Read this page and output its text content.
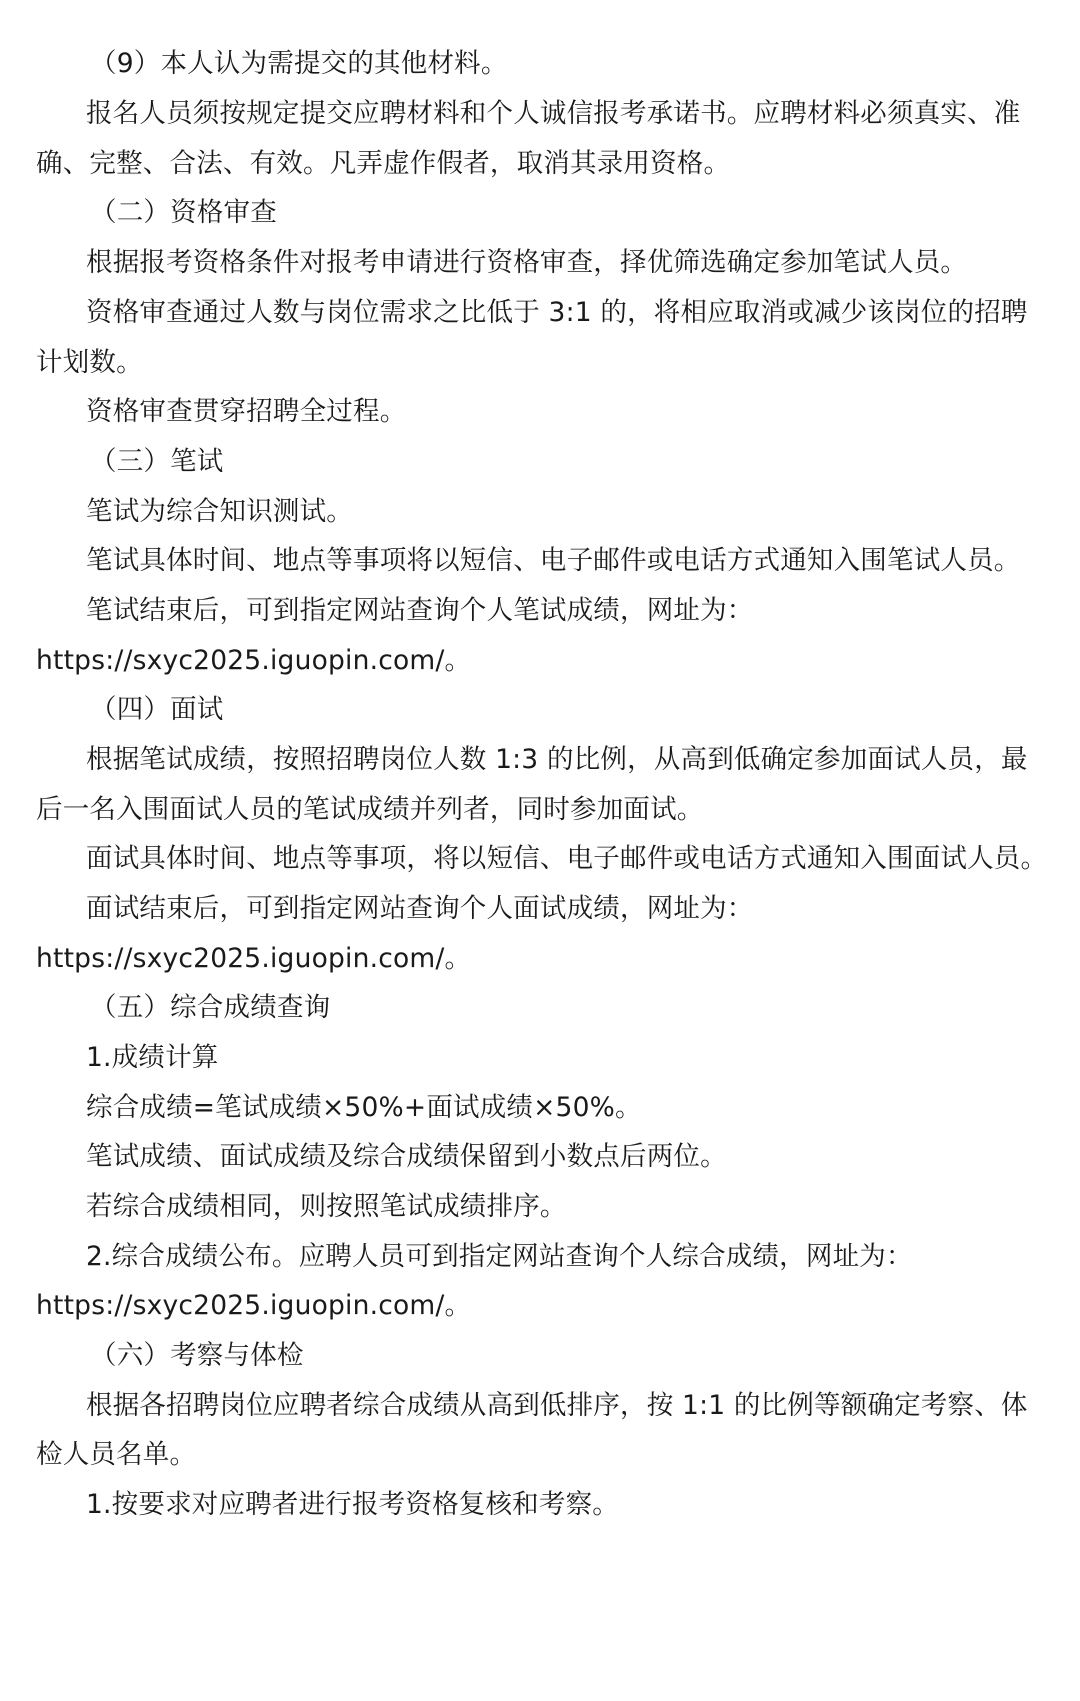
（9）本人认为需提交的其他材料。
报名人员须按规定提交应聘材料和个人诚信报考承诺书。应聘材料必须真实、准
确、完整、合法、有效。凡弄虚作假者，取消其录用资格。
（二）资格审查
根据报考资格条件对报考申请进行资格审查，择优筛选确定参加笔试人员。
资格审查通过人数与岗位需求之比低于 3:1 的，将相应取消或减少该岗位的招聘
计划数。
资格审查贯穿招聘全过程。
（三）笔试
笔试为综合知识测试。
笔试具体时间、地点等事项将以短信、电子邮件或电话方式通知入围笔试人员。
笔试结束后，可到指定网站查询个人笔试成绩，网址为：
https://sxyc2025.iguopin.com/。
（四）面试
根据笔试成绩，按照招聘岗位人数 1:3 的比例，从高到低确定参加面试人员，最
后一名入围面试人员的笔试成绩并列者，同时参加面试。
面试具体时间、地点等事项，将以短信、电子邮件或电话方式通知入围面试人员。
面试结束后，可到指定网站查询个人面试成绩，网址为：
https://sxyc2025.iguopin.com/。
（五）综合成绩查询
1.成绩计算
综合成绩=笔试成绩×50%+面试成绩×50%。
笔试成绩、面试成绩及综合成绩保留到小数点后两位。
若综合成绩相同，则按照笔试成绩排序。
2.综合成绩公布。应聘人员可到指定网站查询个人综合成绩，网址为：
https://sxyc2025.iguopin.com/。
（六）考察与体检
根据各招聘岗位应聘者综合成绩从高到低排序，按 1:1 的比例等额确定考察、体
检人员名单。
1.按要求对应聘者进行报考资格复核和考察。
